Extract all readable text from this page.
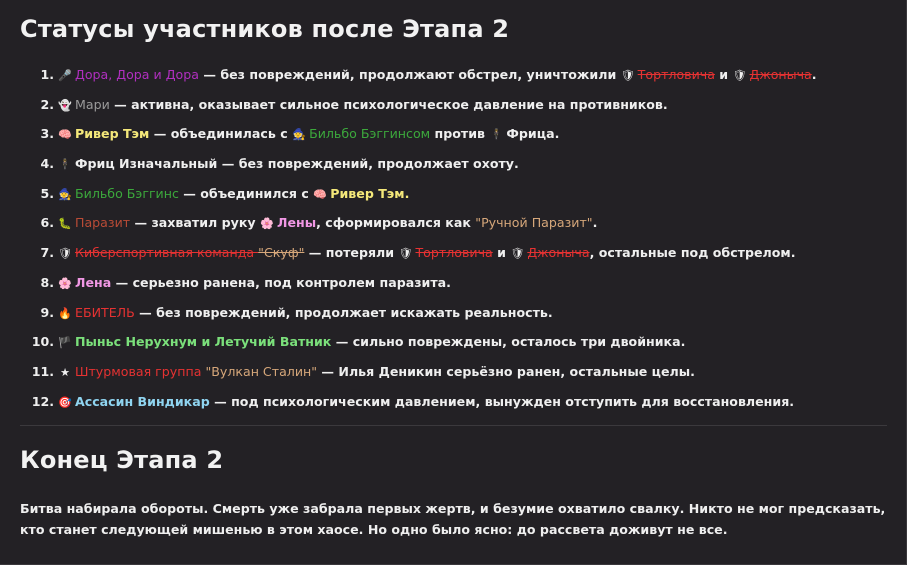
Статусы участников после Этапа 2
1. 🎤 Дора, Дора и Дора — без повреждений, продолжают обстрел, уничтожили 🛡 Тортловича и 🛡 Джоныча.
2. 👻 Мари — активна, оказывает сильное психологическое давление на противников.
3. 🧠 Ривер Тэм — объединилась с 🧙 Бильбо Бэггинсом против 🕴 Фрица.
4. 🕴 Фриц Изначальный — без повреждений, продолжает охоту.
5. 🧙 Бильбо Бэггинс — объединился с 🧠 Ривер Тэм.
6. 🐛 Паразит — захватил руку 🌸 Лены, сформировался как "Ручной Паразит".
7. 🛡 Киберспортивная команда "Скуф" — потеряли 🛡 Тортловича и 🛡 Джоныча, остальные под обстрелом.
8. 🌸 Лена — серьезно ранена, под контролем паразита.
9. 🔥 ЕБИТЕЛЬ — без повреждений, продолжает искажать реальность.
10. 🏴 Пыньс Нерухнум и Летучий Ватник — сильно повреждены, осталось три двойника.
11. ★ Штурмовая группа "Вулкан Сталин" — Илья Деникин серьёзно ранен, остальные целы.
12. 🎯 Ассасин Виндикар — под психологическим давлением, вынужден отступить для восстановления.
Конец Этапа 2

Битва набирала обороты. Смерть уже забрала первых жертв, и безумие охватило свалку. Никто не мог предсказать, кто станет следующей мишенью в этом хаосе. Но одно было ясно: до рассвета доживут не все.
